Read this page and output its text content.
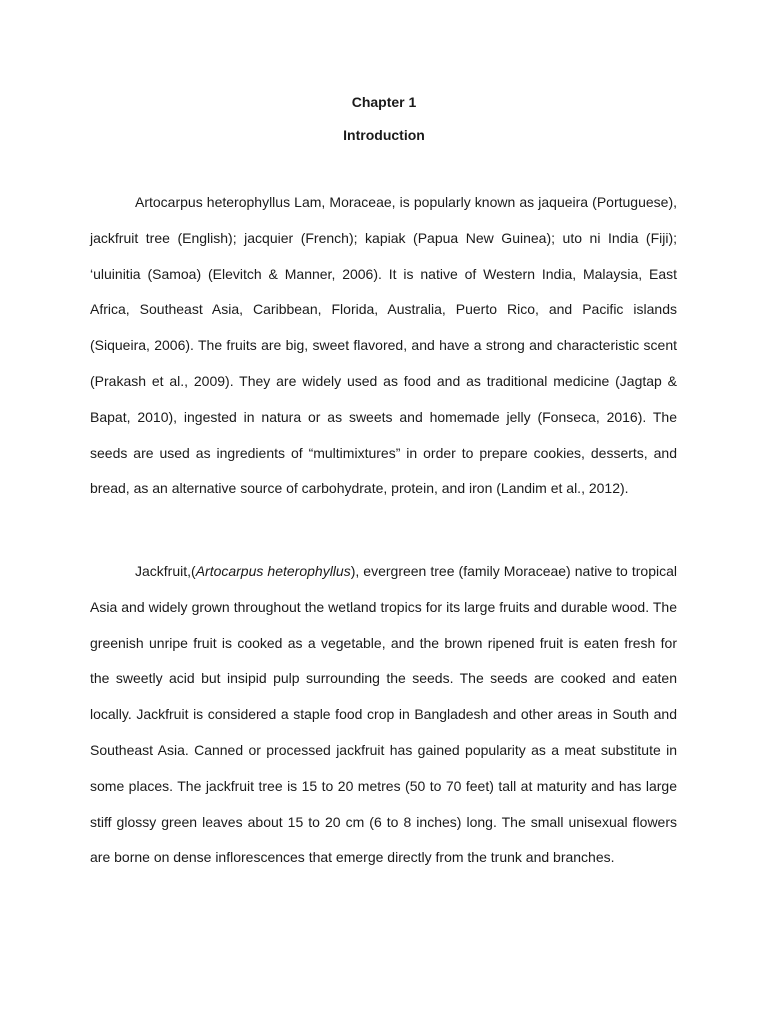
Chapter 1
Introduction

Artocarpus heterophyllus Lam, Moraceae, is popularly known as jaqueira (Portuguese), jackfruit tree (English); jacquier (French); kapiak (Papua New Guinea); uto ni India (Fiji); ‘uluinitia (Samoa) (Elevitch & Manner, 2006). It is native of Western India, Malaysia, East Africa, Southeast Asia, Caribbean, Florida, Australia, Puerto Rico, and Pacific islands (Siqueira, 2006). The fruits are big, sweet flavored, and have a strong and characteristic scent (Prakash et al., 2009). They are widely used as food and as traditional medicine (Jagtap & Bapat, 2010), ingested in natura or as sweets and homemade jelly (Fonseca, 2016). The seeds are used as ingredients of “multimixtures” in order to prepare cookies, desserts, and bread, as an alternative source of carbohydrate, protein, and iron (Landim et al., 2012).

Jackfruit,(Artocarpus heterophyllus), evergreen tree (family Moraceae) native to tropical Asia and widely grown throughout the wetland tropics for its large fruits and durable wood. The greenish unripe fruit is cooked as a vegetable, and the brown ripened fruit is eaten fresh for the sweetly acid but insipid pulp surrounding the seeds. The seeds are cooked and eaten locally. Jackfruit is considered a staple food crop in Bangladesh and other areas in South and Southeast Asia. Canned or processed jackfruit has gained popularity as a meat substitute in some places. The jackfruit tree is 15 to 20 metres (50 to 70 feet) tall at maturity and has large stiff glossy green leaves about 15 to 20 cm (6 to 8 inches) long. The small unisexual flowers are borne on dense inflorescences that emerge directly from the trunk and branches.
